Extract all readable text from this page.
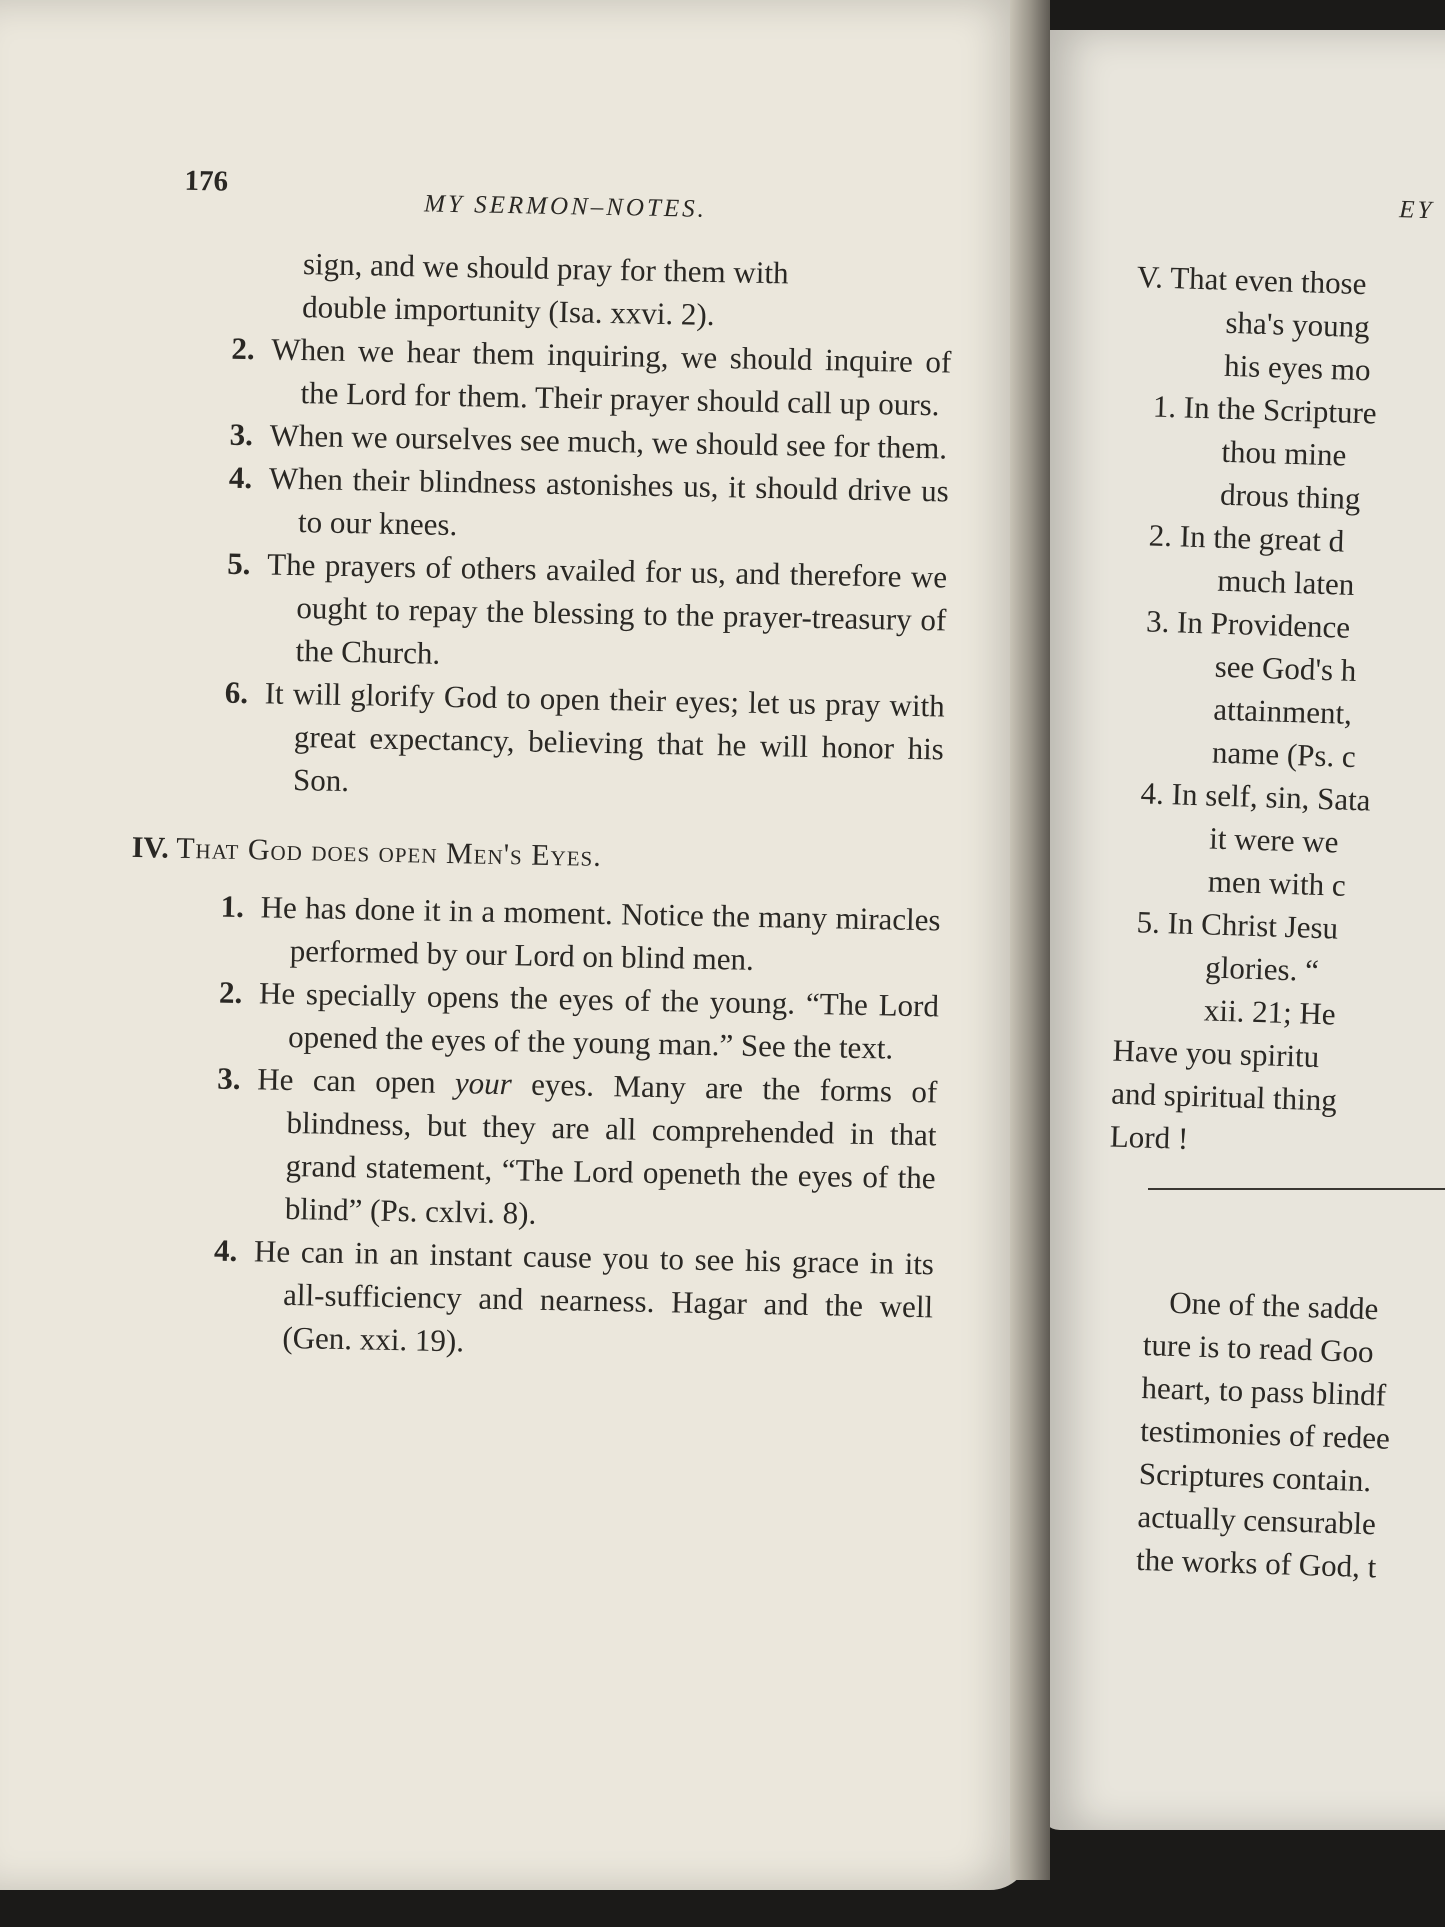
176
MY SERMON–NOTES.

sign, and we should pray for them with

double importunity (Isa. xxvi. 2).

2. When we hear them inquiring, we should inquire of the Lord for them. Their prayer should call up ours.

3. When we ourselves see much, we should see for them.

4. When their blindness astonishes us, it should drive us to our knees.

5. The prayers of others availed for us, and therefore we ought to repay the blessing to the prayer-treasury of the Church.

6. It will glorify God to open their eyes; let us pray with great expectancy, believing that he will honor his Son.

IV. That God does open Men's Eyes.

1. He has done it in a moment. Notice the many miracles performed by our Lord on blind men.

2. He specially opens the eyes of the young. “The Lord opened the eyes of the young man.” See the text.

3. He can open your eyes. Many are the forms of blindness, but they are all comprehended in that grand statement, “The Lord openeth the eyes of the blind” (Ps. cxlvi. 8).

4. He can in an instant cause you to see his grace in its all-sufficiency and nearness. Hagar and the well (Gen. xxi. 19).

EY

V. That even those

sha's young

his eyes mo

1. In the Scripture

thou mine

drous thing

2. In the great d

much laten

3. In Providence

see God's h

attainment,

name (Ps. c

4. In self, sin, Sata

it were we

men with c

5. In Christ Jesu

glories. “

xii. 21; He

Have you spiritu

and spiritual thing

Lord !

One of the sadde

ture is to read Goo

heart, to pass blindf

testimonies of redee

Scriptures contain.

actually censurable

the works of God, t
